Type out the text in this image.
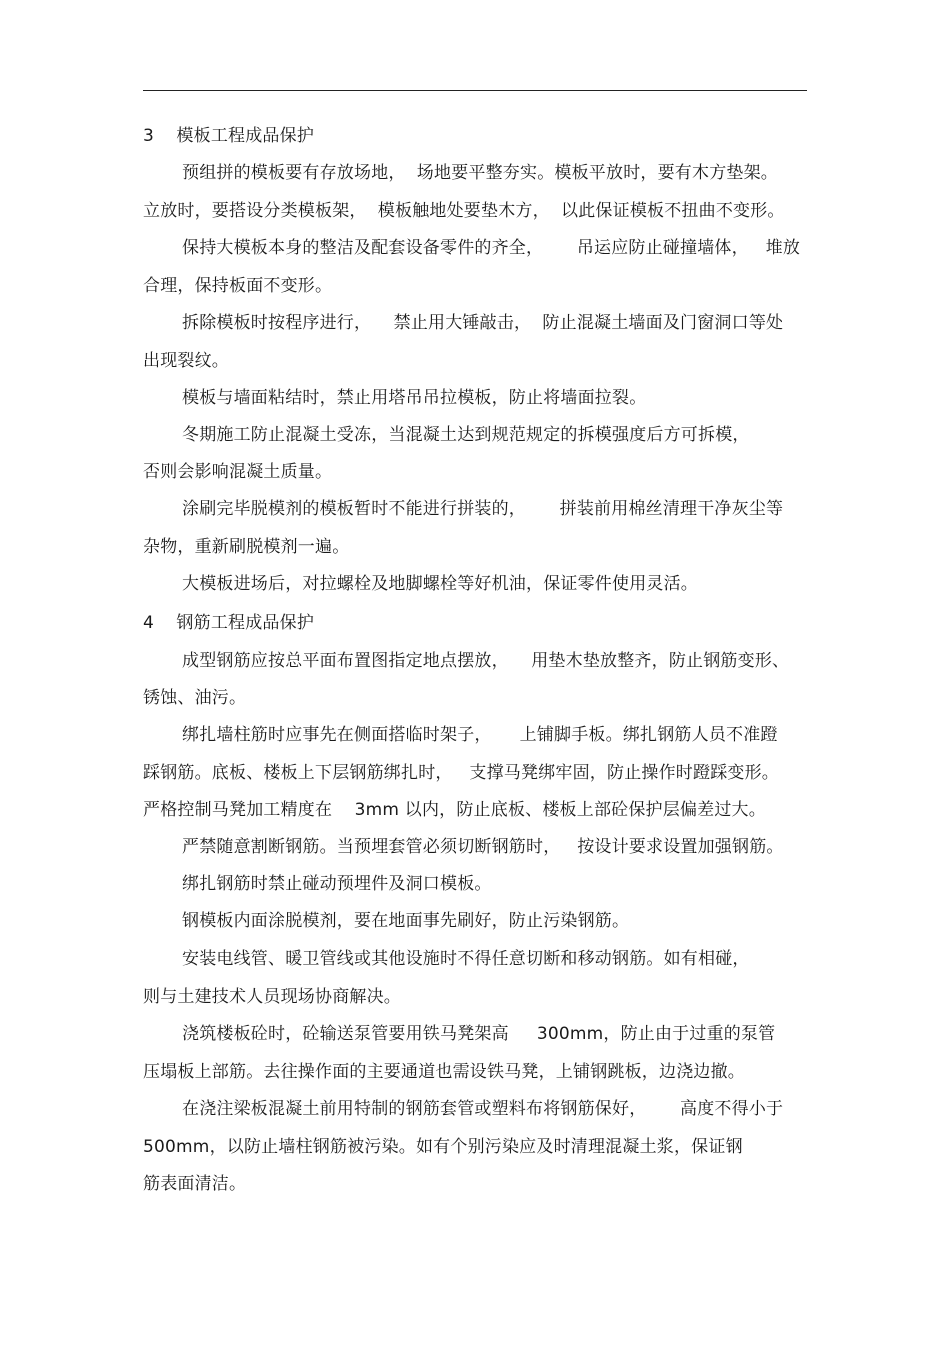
3    模板工程成品保护
预组拼的模板要有存放场地，  场地要平整夯实。模板平放时，要有木方垫架。
立放时，要搭设分类模板架，  模板触地处要垫木方，  以此保证模板不扭曲不变形。
保持大模板本身的整洁及配套设备零件的齐全，      吊运应防止碰撞墙体，   堆放
合理，保持板面不变形。
拆除模板时按程序进行，    禁止用大锤敲击，  防止混凝土墙面及门窗洞口等处
出现裂纹。
模板与墙面粘结时，禁止用塔吊吊拉模板，防止将墙面拉裂。
冬期施工防止混凝土受冻，当混凝土达到规范规定的拆模强度后方可拆模，
否则会影响混凝土质量。
涂刷完毕脱模剂的模板暂时不能进行拼装的，      拼装前用棉丝清理干净灰尘等
杂物，重新刷脱模剂一遍。
大模板进场后，对拉螺栓及地脚螺栓等好机油，保证零件使用灵活。
4    钢筋工程成品保护
成型钢筋应按总平面布置图指定地点摆放，    用垫木垫放整齐，防止钢筋变形、
锈蚀、油污。
绑扎墙柱筋时应事先在侧面搭临时架子，     上铺脚手板。绑扎钢筋人员不准蹬
踩钢筋。底板、楼板上下层钢筋绑扎时，   支撑马凳绑牢固，防止操作时蹬踩变形。
严格控制马凳加工精度在    3mm 以内，防止底板、楼板上部砼保护层偏差过大。
严禁随意割断钢筋。当预埋套管必须切断钢筋时，   按设计要求设置加强钢筋。
绑扎钢筋时禁止碰动预埋件及洞口模板。
钢模板内面涂脱模剂，要在地面事先刷好，防止污染钢筋。
安装电线管、暖卫管线或其他设施时不得任意切断和移动钢筋。如有相碰，
则与土建技术人员现场协商解决。
浇筑楼板砼时，砼输送泵管要用铁马凳架高     300mm，防止由于过重的泵管
压塌板上部筋。去往操作面的主要通道也需设铁马凳，上铺钢跳板，边浇边撤。
在浇注梁板混凝土前用特制的钢筋套管或塑料布将钢筋保好，      高度不得小于
500mm，以防止墙柱钢筋被污染。如有个别污染应及时清理混凝土浆，保证钢
筋表面清洁。
